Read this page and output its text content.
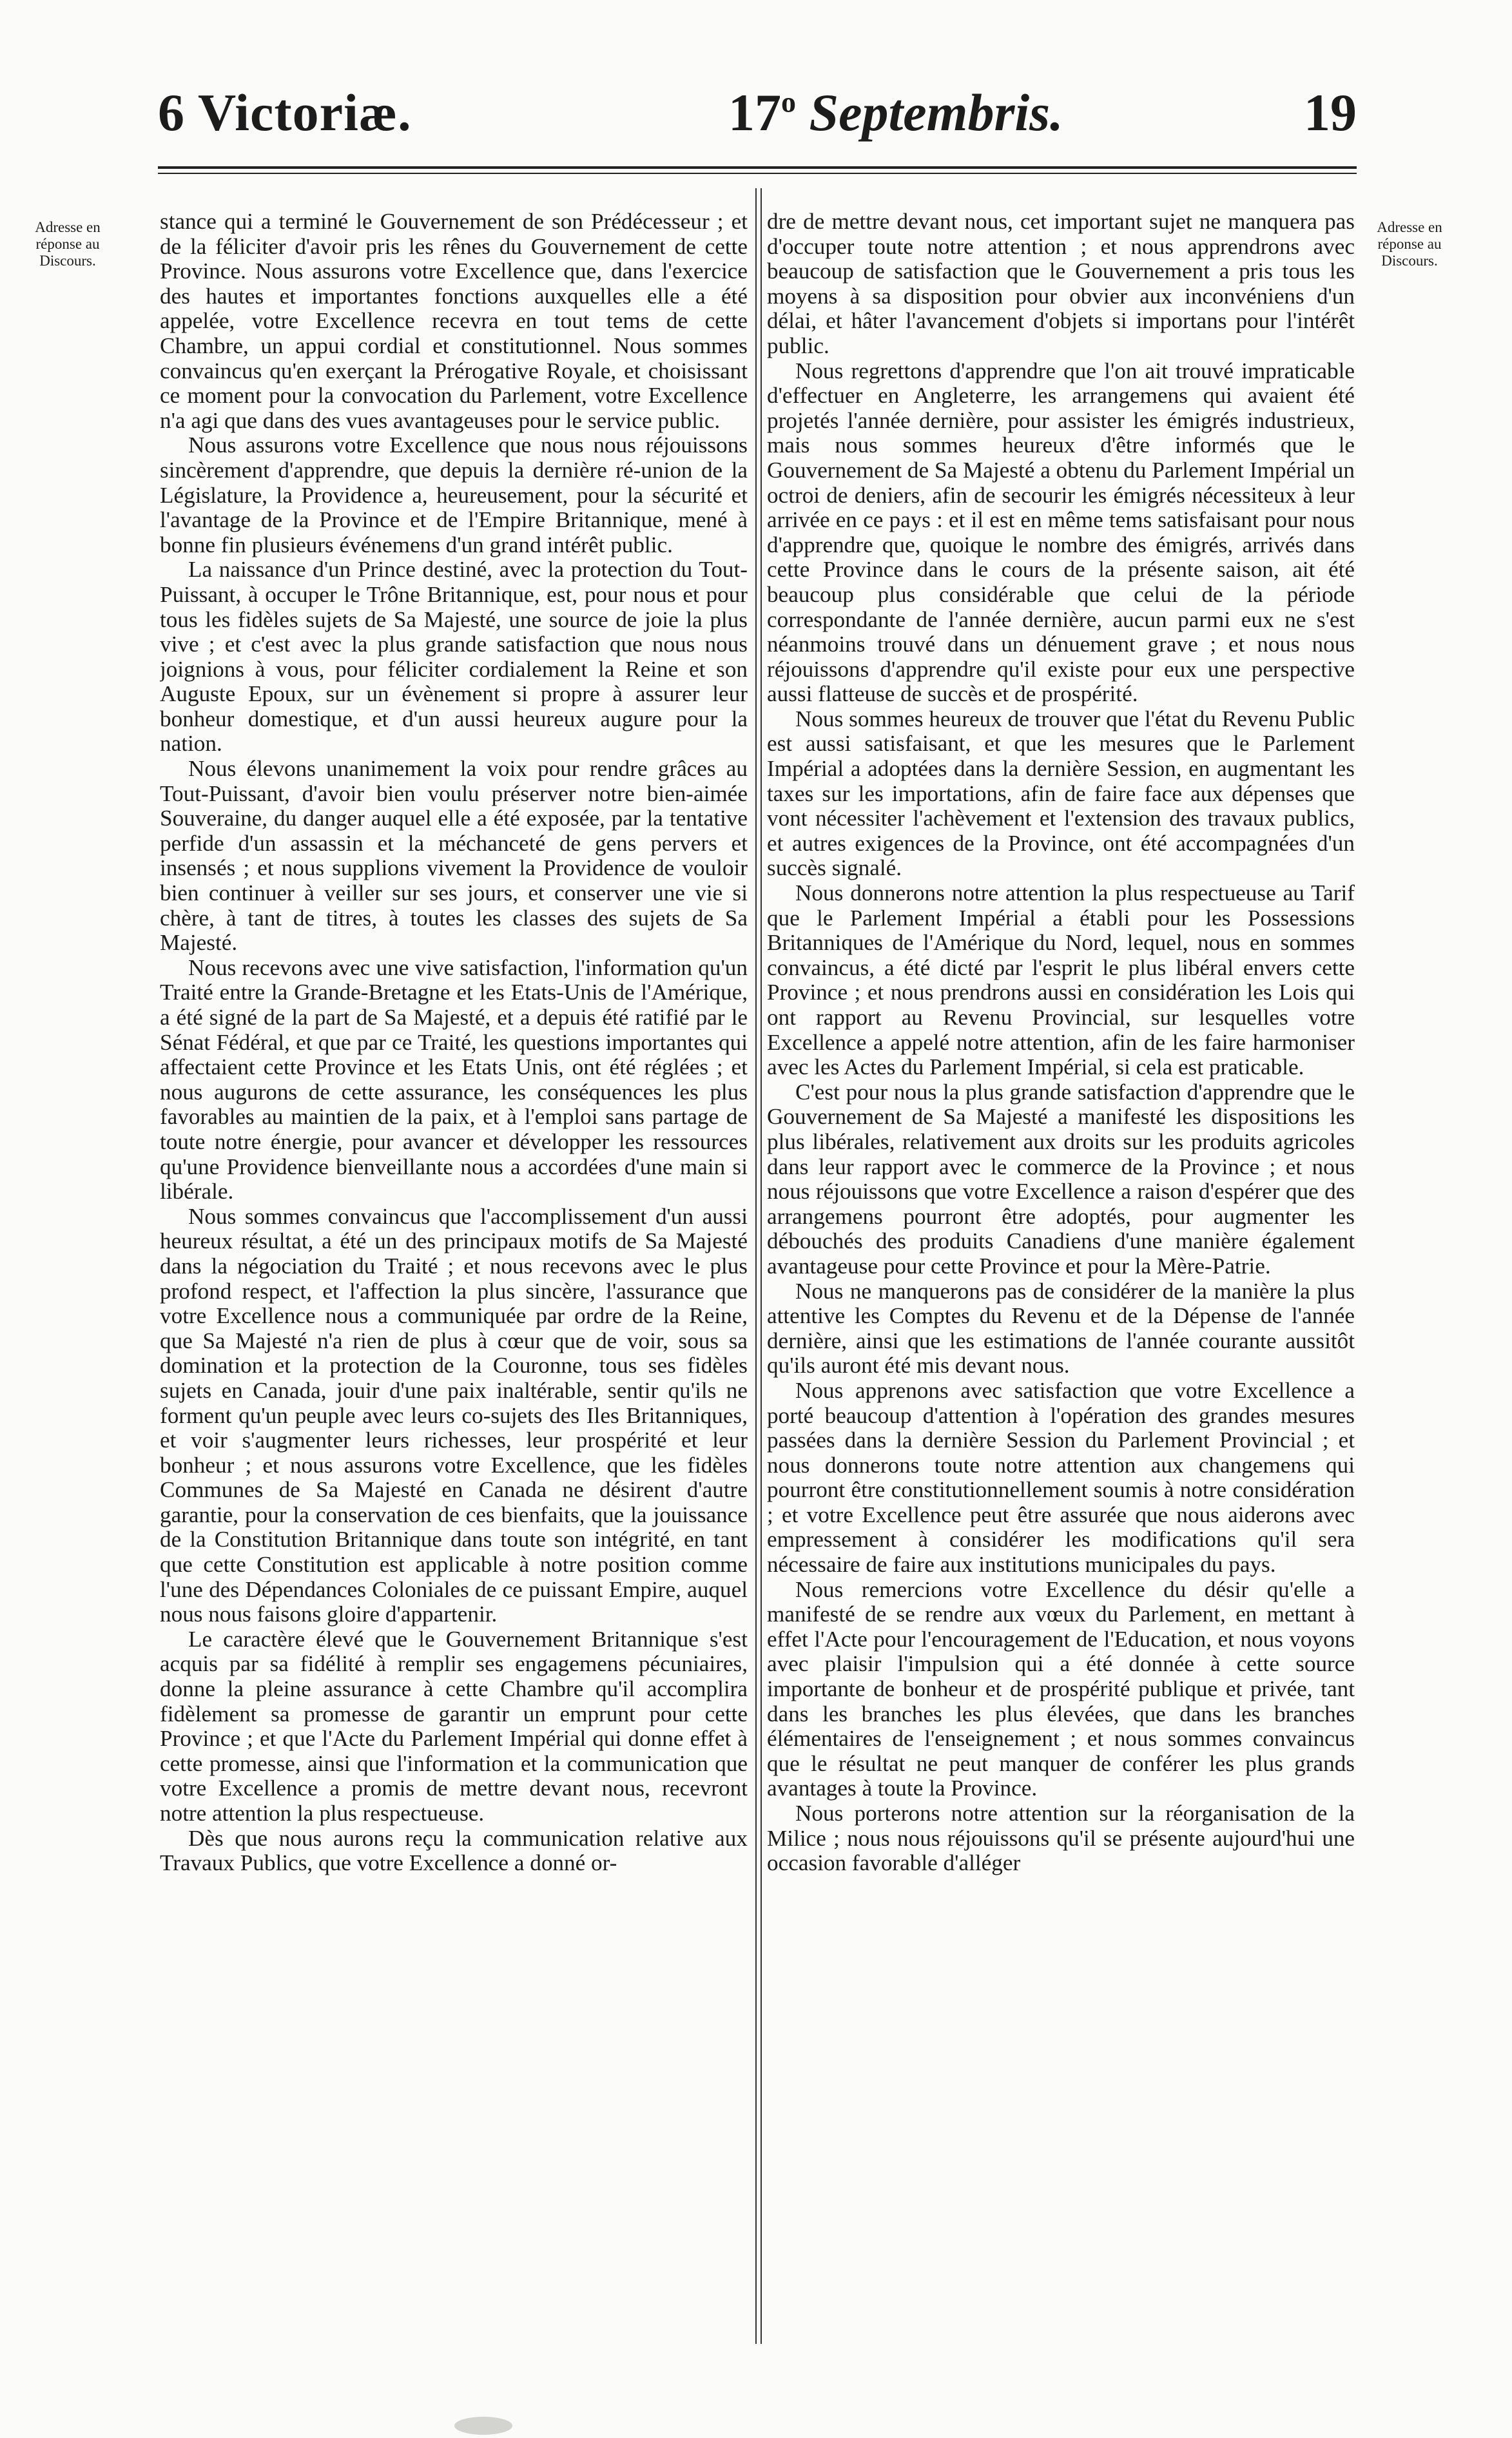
6 Victoriæ.	17$^o$ Septembris.	19
Adresse en réponse au Discours.
Adresse en réponse au Discours.

stance qui a terminé le Gouvernement de son Prédécesseur ; et de la féliciter d'avoir pris les rênes du Gouvernement de cette Province. Nous assurons votre Excellence que, dans l'exercice des hautes et importantes fonctions auxquelles elle a été appelée, votre Excellence recevra en tout tems de cette Chambre, un appui cordial et constitutionnel. Nous sommes convaincus qu'en exerçant la Prérogative Royale, et choisissant ce moment pour la convocation du Parlement, votre Excellence n'a agi que dans des vues avantageuses pour le service public.

Nous assurons votre Excellence que nous nous réjouissons sincèrement d'apprendre, que depuis la dernière ré-union de la Législature, la Providence a, heureusement, pour la sécurité et l'avantage de la Province et de l'Empire Britannique, mené à bonne fin plusieurs événemens d'un grand intérêt public.

La naissance d'un Prince destiné, avec la protection du Tout-Puissant, à occuper le Trône Britannique, est, pour nous et pour tous les fidèles sujets de Sa Majesté, une source de joie la plus vive ; et c'est avec la plus grande satisfaction que nous nous joignions à vous, pour féliciter cordialement la Reine et son Auguste Epoux, sur un évènement si propre à assurer leur bonheur domestique, et d'un aussi heureux augure pour la nation.

Nous élevons unanimement la voix pour rendre grâces au Tout-Puissant, d'avoir bien voulu préserver notre bien-aimée Souveraine, du danger auquel elle a été exposée, par la tentative perfide d'un assassin et la méchanceté de gens pervers et insensés ; et nous supplions vivement la Providence de vouloir bien continuer à veiller sur ses jours, et conserver une vie si chère, à tant de titres, à toutes les classes des sujets de Sa Majesté.

Nous recevons avec une vive satisfaction, l'information qu'un Traité entre la Grande-Bretagne et les Etats-Unis de l'Amérique, a été signé de la part de Sa Majesté, et a depuis été ratifié par le Sénat Fédéral, et que par ce Traité, les questions importantes qui affectaient cette Province et les Etats Unis, ont été réglées ; et nous augurons de cette assurance, les conséquences les plus favorables au maintien de la paix, et à l'emploi sans partage de toute notre énergie, pour avancer et développer les ressources qu'une Providence bienveillante nous a accordées d'une main si libérale.

Nous sommes convaincus que l'accomplissement d'un aussi heureux résultat, a été un des principaux motifs de Sa Majesté dans la négociation du Traité ; et nous recevons avec le plus profond respect, et l'affection la plus sincère, l'assurance que votre Excellence nous a communiquée par ordre de la Reine, que Sa Majesté n'a rien de plus à cœur que de voir, sous sa domination et la protection de la Couronne, tous ses fidèles sujets en Canada, jouir d'une paix inaltérable, sentir qu'ils ne forment qu'un peuple avec leurs co-sujets des Iles Britanniques, et voir s'augmenter leurs richesses, leur prospérité et leur bonheur ; et nous assurons votre Excellence, que les fidèles Communes de Sa Majesté en Canada ne désirent d'autre garantie, pour la conservation de ces bienfaits, que la jouissance de la Constitution Britannique dans toute son intégrité, en tant que cette Constitution est applicable à notre position comme l'une des Dépendances Coloniales de ce puissant Empire, auquel nous nous faisons gloire d'appartenir.

Le caractère élevé que le Gouvernement Britannique s'est acquis par sa fidélité à remplir ses engagemens pécuniaires, donne la pleine assurance à cette Chambre qu'il accomplira fidèlement sa promesse de garantir un emprunt pour cette Province ; et que l'Acte du Parlement Impérial qui donne effet à cette promesse, ainsi que l'information et la communication que votre Excellence a promis de mettre devant nous, recevront notre attention la plus respectueuse.

Dès que nous aurons reçu la communication relative aux Travaux Publics, que votre Excellence a donné or-

dre de mettre devant nous, cet important sujet ne manquera pas d'occuper toute notre attention ; et nous apprendrons avec beaucoup de satisfaction que le Gouvernement a pris tous les moyens à sa disposition pour obvier aux inconvéniens d'un délai, et hâter l'avancement d'objets si importans pour l'intérêt public.

Nous regrettons d'apprendre que l'on ait trouvé impraticable d'effectuer en Angleterre, les arrangemens qui avaient été projetés l'année dernière, pour assister les émigrés industrieux, mais nous sommes heureux d'être informés que le Gouvernement de Sa Majesté a obtenu du Parlement Impérial un octroi de deniers, afin de secourir les émigrés nécessiteux à leur arrivée en ce pays : et il est en même tems satisfaisant pour nous d'apprendre que, quoique le nombre des émigrés, arrivés dans cette Province dans le cours de la présente saison, ait été beaucoup plus considérable que celui de la période correspondante de l'année dernière, aucun parmi eux ne s'est néanmoins trouvé dans un dénuement grave ; et nous nous réjouissons d'apprendre qu'il existe pour eux une perspective aussi flatteuse de succès et de prospérité.

Nous sommes heureux de trouver que l'état du Revenu Public est aussi satisfaisant, et que les mesures que le Parlement Impérial a adoptées dans la dernière Session, en augmentant les taxes sur les importations, afin de faire face aux dépenses que vont nécessiter l'achèvement et l'extension des travaux publics, et autres exigences de la Province, ont été accompagnées d'un succès signalé.

Nous donnerons notre attention la plus respectueuse au Tarif que le Parlement Impérial a établi pour les Possessions Britanniques de l'Amérique du Nord, lequel, nous en sommes convaincus, a été dicté par l'esprit le plus libéral envers cette Province ; et nous prendrons aussi en considération les Lois qui ont rapport au Revenu Provincial, sur lesquelles votre Excellence a appelé notre attention, afin de les faire harmoniser avec les Actes du Parlement Impérial, si cela est praticable.

C'est pour nous la plus grande satisfaction d'apprendre que le Gouvernement de Sa Majesté a manifesté les dispositions les plus libérales, relativement aux droits sur les produits agricoles dans leur rapport avec le commerce de la Province ; et nous nous réjouissons que votre Excellence a raison d'espérer que des arrangemens pourront être adoptés, pour augmenter les débouchés des produits Canadiens d'une manière également avantageuse pour cette Province et pour la Mère-Patrie.

Nous ne manquerons pas de considérer de la manière la plus attentive les Comptes du Revenu et de la Dépense de l'année dernière, ainsi que les estimations de l'année courante aussitôt qu'ils auront été mis devant nous.

Nous apprenons avec satisfaction que votre Excellence a porté beaucoup d'attention à l'opération des grandes mesures passées dans la dernière Session du Parlement Provincial ; et nous donnerons toute notre attention aux changemens qui pourront être constitutionnellement soumis à notre considération ; et votre Excellence peut être assurée que nous aiderons avec empressement à considérer les modifications qu'il sera nécessaire de faire aux institutions municipales du pays.

Nous remercions votre Excellence du désir qu'elle a manifesté de se rendre aux vœux du Parlement, en mettant à effet l'Acte pour l'encouragement de l'Education, et nous voyons avec plaisir l'impulsion qui a été donnée à cette source importante de bonheur et de prospérité publique et privée, tant dans les branches les plus élevées, que dans les branches élémentaires de l'enseignement ; et nous sommes convaincus que le résultat ne peut manquer de conférer les plus grands avantages à toute la Province.

Nous porterons notre attention sur la réorganisation de la Milice ; nous nous réjouissons qu'il se présente aujourd'hui une occasion favorable d'alléger
